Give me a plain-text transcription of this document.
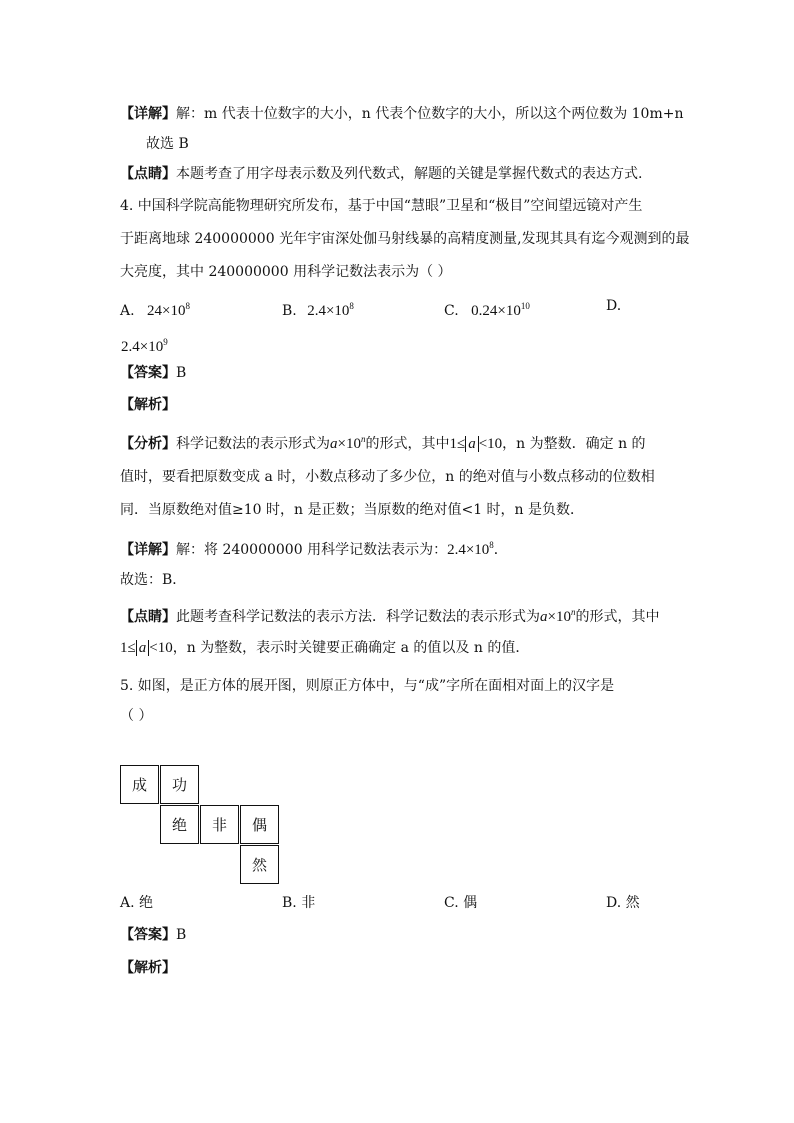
【详解】解：m 代表十位数字的大小，n 代表个位数字的大小，所以这个两位数为 10m+n
故选 B
【点睛】本题考查了用字母表示数及列代数式，解题的关键是掌握代数式的表达方式.
4. 中国科学院高能物理研究所发布，基于中国“慧眼”卫星和“极目”空间望远镜对产生
于距离地球 240000000 光年宇宙深处伽马射线暴的高精度测量,发现其具有迄今观测到的最
大亮度，其中 240000000 用科学记数法表示为（ ）
A. $24\times 10^8$	B. $2.4\times 10^8$	C. $0.24\times 10^{10}$	D.
$2.4\times 10^9$
【答案】B
【解析】
【分析】科学记数法的表示形式为$a\times 10^n$的形式，其中1≤ a <10，n 为整数．确定 n 的
值时，要看把原数变成 a 时，小数点移动了多少位，n 的绝对值与小数点移动的位数相
同．当原数绝对值≥10 时，n 是正数；当原数的绝对值<1 时，n 是负数．
【详解】解：将 240000000 用科学记数法表示为：$2.4\times 10^8$．
故选：B．
【点睛】此题考查科学记数法的表示方法．科学记数法的表示形式为$a\times 10^n$的形式，其中
1≤ a <10，n 为整数，表示时关键要正确确定 a 的值以及 n 的值．
5. 如图，是正方体的展开图，则原正方体中，与“成”字所在面相对面上的汉字是
（ ）
成	功
绝	非	偶
然
A. 绝	B. 非	C. 偶	D. 然
【答案】B
【解析】
